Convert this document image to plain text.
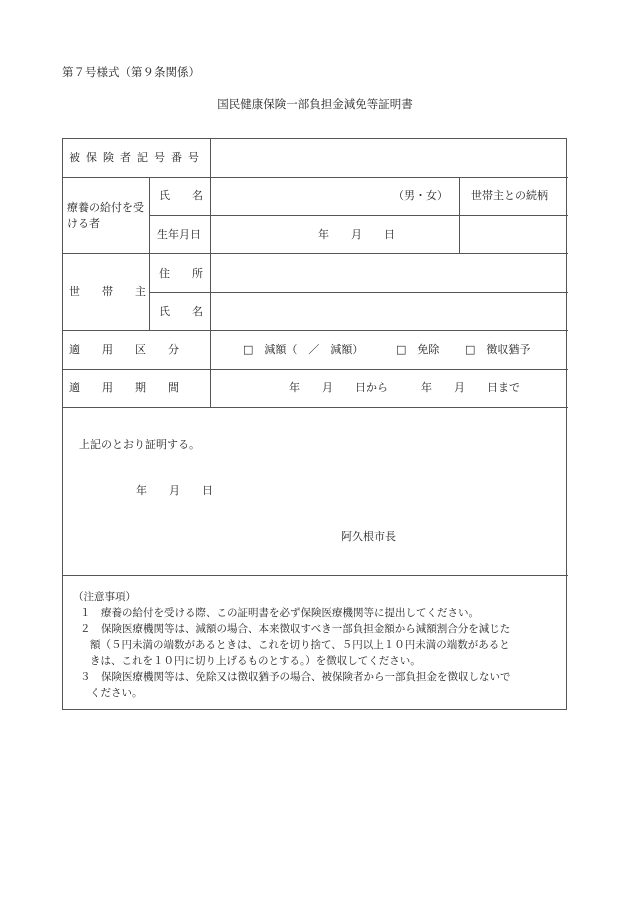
第７号様式（第９条関係）
国民健康保険一部負担金減免等証明書
被保険者記号番号
療養の給付を受ける者
氏　　名	（男・女） 世帯主との続柄
生年月日	年　　月　　日
世　　帯　　主
住　　所
氏　　名
適　　用　　区　　分	□　減額（　／　減額）	□　免除 □　徴収猶予
適　　用　　期　　間	年　　月　　日から　　　年　　月　　日まで
上記のとおり証明する。
年　　月　　日
阿久根市長
（注意事項）
１　療養の給付を受ける際、この証明書を必ず保険医療機関等に提出してください。
２　保険医療機関等は、減額の場合、本来徴収すべき一部負担金額から減額割合分を減じた
額（５円未満の端数があるときは、これを切り捨て、５円以上１０円未満の端数があると
きは、これを１０円に切り上げるものとする。）を徴収してください。
３　保険医療機関等は、免除又は徴収猶予の場合、被保険者から一部負担金を徴収しないで
ください。
